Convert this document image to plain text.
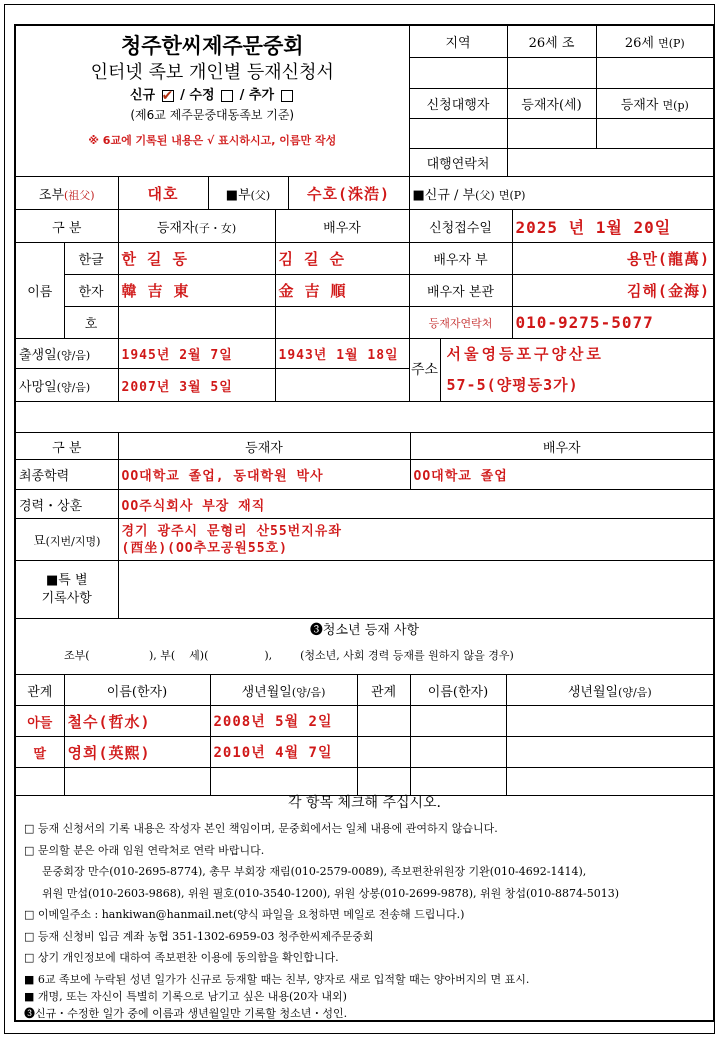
청주한씨제주문중회
인터넷 족보 개인별 등재신청서
신규 ✔ / 수정  / 추가
(제6교 제주문중대동족보 기준)
※ 6교에 기록된 내용은 √ 표시하시고, 이름만 작성	지역	26세 조	26세 면(P)

	신청대행자	등재자(세)	등재자 면(p)

	대행연락처		
조부(祖父)	대호	■부(父)	수호(洙浩)	■신규 / 부(父) 면(P)
구 분		등재자(子・女)	배우자	신청접수일	2025 년 1월 20일
이름	한글	한 길 동	김 길 순	배우자 부	용만(龍萬)
	한자	韓 吉 東	金 吉 順	배우자 본관	김해(金海)
	호			등재자연락처	010-9275-5077
출생일(양/음)		1945년 2월 7일	1943년 1월 18일	주소
서울영등포구양산로
57-5(양평동3가)	

사망일(양/음)		2007년 3월 5일			
구 분	등재자	배우자
최종학력	OO대학교 졸업, 동대학원 박사	OO대학교 졸업
경력・상훈	OO주식회사 부장 재직	
묘(지번/지명)	경기 광주시 문형리 산55번지유좌
(酉坐)(OO추모공원55호)	

■특 별
기록사항		

❸청소년 등재 사항
조부(                 ), 부(    세)(                ),        (청소년, 사회 경력 등재를 원하지 않을 경우)
관계	이름(한자)	생년월일(양/음)	관계	이름(한자)	생년월일(양/음)
아들	철수(哲水)	2008년 5월 2일			
딸	영희(英熙)	2010년 4월 7일			

각 항목 체크해 주십시오.
□ 등재 신청서의 기록 내용은 작성자 본인 책임이며, 문중회에서는 일체 내용에 관여하지 않습니다.
□ 문의할 분은 아래 임원 연락처로 연락 바랍니다.
문중회장 만수(010-2695-8774), 총무 부회장 재림(010-2579-0089), 족보편찬위원장 기완(010-4692-1414),
위원 만섭(010-2603-9868), 위원 필호(010-3540-1200), 위원 상봉(010-2699-9878), 위원 창섭(010-8874-5013)
□ 이메일주소 : hankiwan@hanmail.net(양식 파일을 요청하면 메일로 전송해 드립니다.)
□ 등재 신청비 입금 계좌 농협 351-1302-6959-03 청주한씨제주문중회
□ 상기 개인정보에 대하여 족보편찬 이용에 동의함을 확인합니다.
■ 6교 족보에 누락된 성년 일가가 신규로 등재할 때는 친부, 양자로 새로 입적할 때는 양아버지의 면 표시.
■ 개명, 또는 자신이 특별히 기록으로 남기고 싶은 내용(20자 내외)
❸신규・수정한 일가 중에 이름과 생년월일만 기록할 청소년・성인.
